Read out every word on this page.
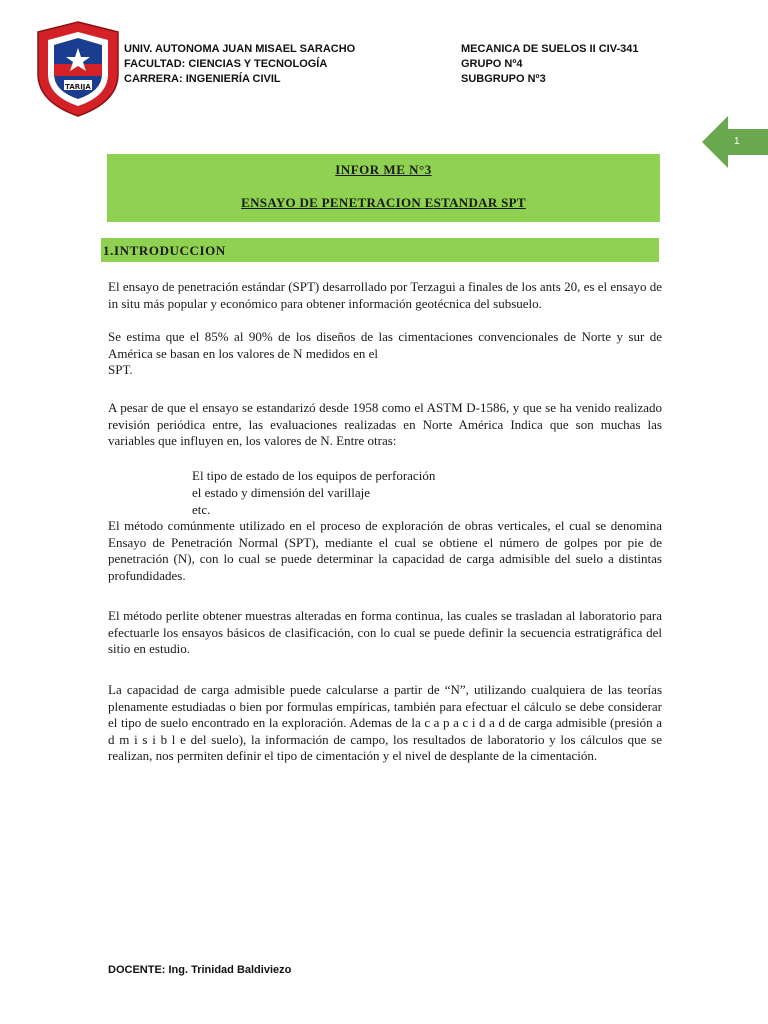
TARIJA
UNIV. AUTONOMA JUAN MISAEL SARACHO
FACULTAD: CIENCIAS Y TECNOLOGÍA
CARRERA: INGENIERÍA CIVIL
MECANICA DE SUELOS II CIV-341
GRUPO Nº4
SUBGRUPO Nº3
1
INFOR ME N°3
ENSAYO DE PENETRACION ESTANDAR SPT
1.INTRODUCCION

El ensayo de penetración estándar (SPT) desarrollado por Terzagui a finales de los ants 20, es el ensayo de in situ más popular y económico para obtener información geotécnica del subsuelo.

Se estima que el 85% al 90% de los diseños de las cimentaciones convencionales de Norte y sur de América se basan en los valores de N medidos en el

SPT.

A pesar de que el ensayo se estandarizó desde 1958 como el ASTM D-1586, y que se ha venido realizado revisión periódica entre, las evaluaciones realizadas en Norte América Indica que son muchas las variables que influyen en, los valores de N. Entre otras:

El tipo de estado de los equipos de perforación
el estado y dimensión del varillaje
etc.

El método comúnmente utilizado en el proceso de exploración de obras verticales, el cual se denomina Ensayo de Penetración Normal (SPT), mediante el cual se obtiene el número de golpes por pie de penetración (N), con lo cual se puede determinar la capacidad de carga admisible del suelo a distintas profundidades.

El método perlite obtener muestras alteradas en forma continua, las cuales se trasladan al laboratorio para efectuarle los ensayos básicos de clasificación, con lo cual se puede definir la secuencia estratigráfica del sitio en estudio.

La capacidad de carga admisible puede calcularse a partir de “N”, utilizando cualquiera de las teorías plenamente estudiadas o bien por formulas empíricas, también para efectuar el cálculo se debe considerar el tipo de suelo encontrado en la exploración. Ademas de la c a p a c i d a d de carga admisible (presión a d m i s i b l e del suelo), la información de campo, los resultados de laboratorio y los cálculos que se realizan, nos permiten definir el tipo de cimentación y el nivel de desplante de la cimentación.

DOCENTE: Ing. Trinidad Baldiviezo
